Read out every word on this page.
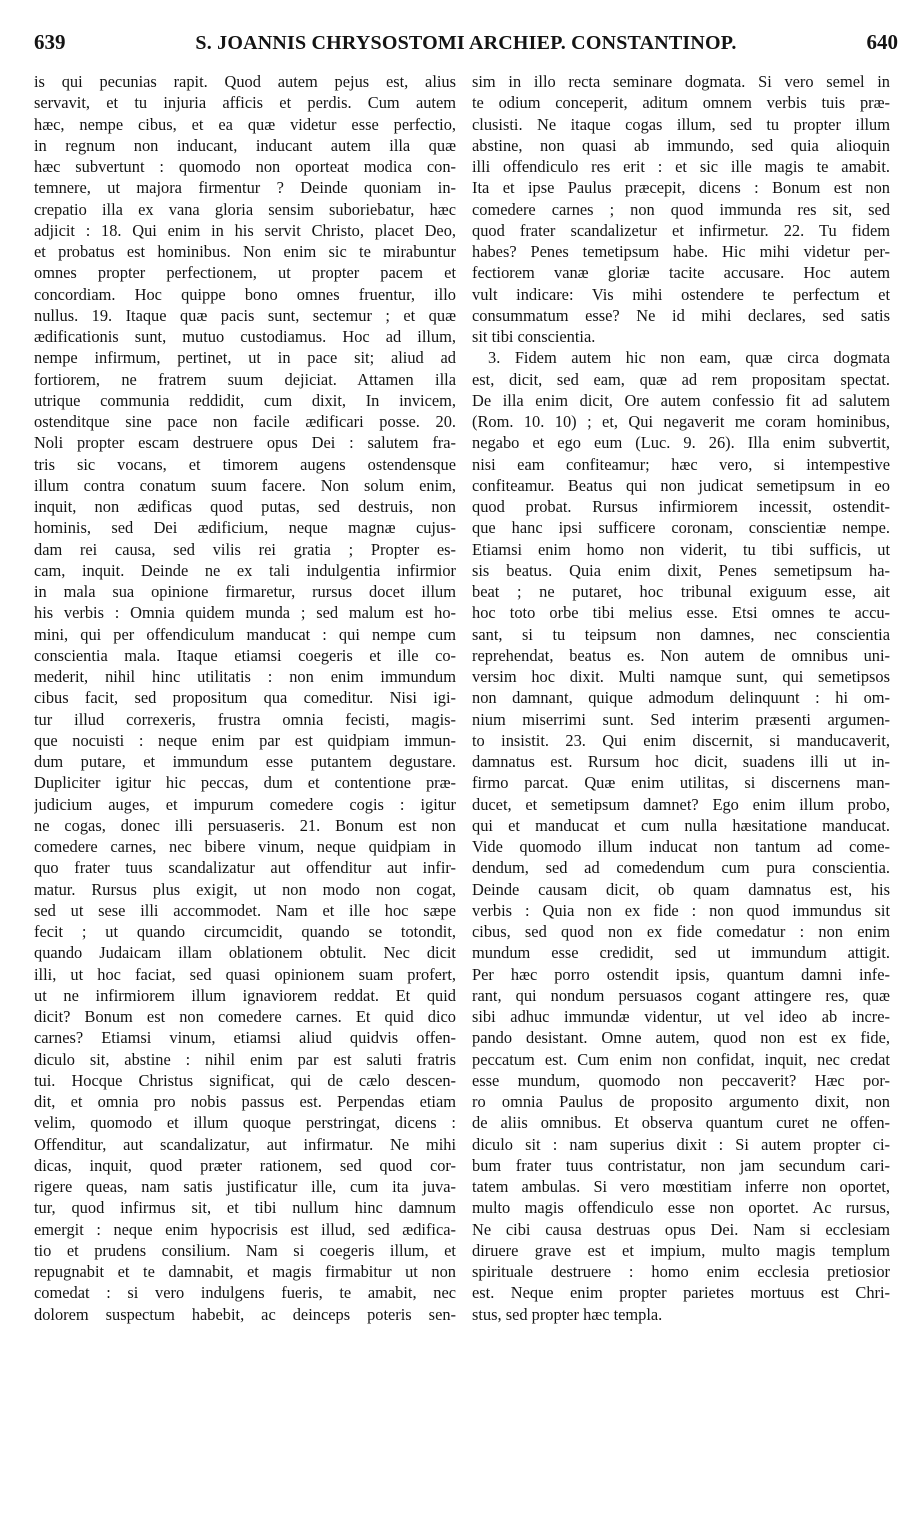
639	S. JOANNIS CHRYSOSTOMI ARCHIEP. CONSTANTINOP.	640
is qui pecunias rapit. Quod autem pejus est, alius
servavit, et tu injuria afficis et perdis. Cum autem
hæc, nempe cibus, et ea quæ videtur esse perfectio,
in regnum non inducant, inducant autem illa quæ
hæc subvertunt : quomodo non oporteat modica con-
temnere, ut majora firmentur ? Deinde quoniam in-
crepatio illa ex vana gloria sensim suboriebatur, hæc
adjicit : 18. Qui enim in his servit Christo, placet Deo,
et probatus est hominibus. Non enim sic te mirabuntur
omnes propter perfectionem, ut propter pacem et
concordiam. Hoc quippe bono omnes fruentur, illo
nullus. 19. Itaque quæ pacis sunt, sectemur ; et quæ
ædificationis sunt, mutuo custodiamus. Hoc ad illum,
nempe infirmum, pertinet, ut in pace sit; aliud ad
fortiorem, ne fratrem suum dejiciat. Attamen illa
utrique communia reddidit, cum dixit, In invicem,
ostenditque sine pace non facile ædificari posse. 20.
Noli propter escam destruere opus Dei : salutem fra-
tris sic vocans, et timorem augens ostendensque
illum contra conatum suum facere. Non solum enim,
inquit, non ædificas quod putas, sed destruis, non
hominis, sed Dei ædificium, neque magnæ cujus-
dam rei causa, sed vilis rei gratia ; Propter es-
cam, inquit. Deinde ne ex tali indulgentia infirmior
in mala sua opinione firmaretur, rursus docet illum
his verbis : Omnia quidem munda ; sed malum est ho-
mini, qui per offendiculum manducat : qui nempe cum
conscientia mala. Itaque etiamsi coegeris et ille co-
mederit, nihil hinc utilitatis : non enim immundum
cibus facit, sed propositum qua comeditur. Nisi igi-
tur illud correxeris, frustra omnia fecisti, magis-
que nocuisti : neque enim par est quidpiam immun-
dum putare, et immundum esse putantem degustare.
Dupliciter igitur hic peccas, dum et contentione præ-
judicium auges, et impurum comedere cogis : igitur
ne cogas, donec illi persuaseris. 21. Bonum est non
comedere carnes, nec bibere vinum, neque quidpiam in
quo frater tuus scandalizatur aut offenditur aut infir-
matur. Rursus plus exigit, ut non modo non cogat,
sed ut sese illi accommodet. Nam et ille hoc sæpe
fecit ; ut quando circumcidit, quando se totondit,
quando Judaicam illam oblationem obtulit. Nec dicit
illi, ut hoc faciat, sed quasi opinionem suam profert,
ut ne infirmiorem illum ignaviorem reddat. Et quid
dicit? Bonum est non comedere carnes. Et quid dico
carnes? Etiamsi vinum, etiamsi aliud quidvis offen-
diculo sit, abstine : nihil enim par est saluti fratris
tui. Hocque Christus significat, qui de cælo descen-
dit, et omnia pro nobis passus est. Perpendas etiam
velim, quomodo et illum quoque perstringat, dicens :
Offenditur, aut scandalizatur, aut infirmatur. Ne mihi
dicas, inquit, quod præter rationem, sed quod cor-
rigere queas, nam satis justificatur ille, cum ita juva-
tur, quod infirmus sit, et tibi nullum hinc damnum
emergit : neque enim hypocrisis est illud, sed ædifica-
tio et prudens consilium. Nam si coegeris illum, et
repugnabit et te damnabit, et magis firmabitur ut non
comedat : si vero indulgens fueris, te amabit, nec
dolorem suspectum habebit, ac deinceps poteris sen-
sim in illo recta seminare dogmata. Si vero semel in
te odium conceperit, aditum omnem verbis tuis præ-
clusisti. Ne itaque cogas illum, sed tu propter illum
abstine, non quasi ab immundo, sed quia alioquin
illi offendiculo res erit : et sic ille magis te amabit.
Ita et ipse Paulus præcepit, dicens : Bonum est non
comedere carnes ; non quod immunda res sit, sed
quod frater scandalizetur et infirmetur. 22. Tu fidem
habes? Penes temetipsum habe. Hic mihi videtur per-
fectiorem vanæ gloriæ tacite accusare. Hoc autem
vult indicare: Vis mihi ostendere te perfectum et
consummatum esse? Ne id mihi declares, sed satis
sit tibi conscientia.
3. Fidem autem hic non eam, quæ circa dogmata
est, dicit, sed eam, quæ ad rem propositam spectat.
De illa enim dicit, Ore autem confessio fit ad salutem
(Rom. 10. 10) ; et, Qui negaverit me coram hominibus,
negabo et ego eum (Luc. 9. 26). Illa enim subvertit,
nisi eam confiteamur; hæc vero, si intempestive
confiteamur. Beatus qui non judicat semetipsum in eo
quod probat. Rursus infirmiorem incessit, ostendit-
que hanc ipsi sufficere coronam, conscientiæ nempe.
Etiamsi enim homo non viderit, tu tibi sufficis, ut
sis beatus. Quia enim dixit, Penes semetipsum ha-
beat ; ne putaret, hoc tribunal exiguum esse, ait
hoc toto orbe tibi melius esse. Etsi omnes te accu-
sant, si tu teipsum non damnes, nec conscientia
reprehendat, beatus es. Non autem de omnibus uni-
versim hoc dixit. Multi namque sunt, qui semetipsos
non damnant, quique admodum delinquunt : hi om-
nium miserrimi sunt. Sed interim præsenti argumen-
to insistit. 23. Qui enim discernit, si manducaverit,
damnatus est. Rursum hoc dicit, suadens illi ut in-
firmo parcat. Quæ enim utilitas, si discernens man-
ducet, et semetipsum damnet? Ego enim illum probo,
qui et manducat et cum nulla hæsitatione manducat.
Vide quomodo illum inducat non tantum ad come-
dendum, sed ad comedendum cum pura conscientia.
Deinde causam dicit, ob quam damnatus est, his
verbis : Quia non ex fide : non quod immundus sit
cibus, sed quod non ex fide comedatur : non enim
mundum esse credidit, sed ut immundum attigit.
Per hæc porro ostendit ipsis, quantum damni infe-
rant, qui nondum persuasos cogant attingere res, quæ
sibi adhuc immundæ videntur, ut vel ideo ab incre-
pando desistant. Omne autem, quod non est ex fide,
peccatum est. Cum enim non confidat, inquit, nec credat
esse mundum, quomodo non peccaverit? Hæc por-
ro omnia Paulus de proposito argumento dixit, non
de aliis omnibus. Et observa quantum curet ne offen-
diculo sit : nam superius dixit : Si autem propter ci-
bum frater tuus contristatur, non jam secundum cari-
tatem ambulas. Si vero mœstitiam inferre non oportet,
multo magis offendiculo esse non oportet. Ac rursus,
Ne cibi causa destruas opus Dei. Nam si ecclesiam
diruere grave est et impium, multo magis templum
spirituale destruere : homo enim ecclesia pretiosior
est. Neque enim propter parietes mortuus est Chri-
stus, sed propter hæc templa.
